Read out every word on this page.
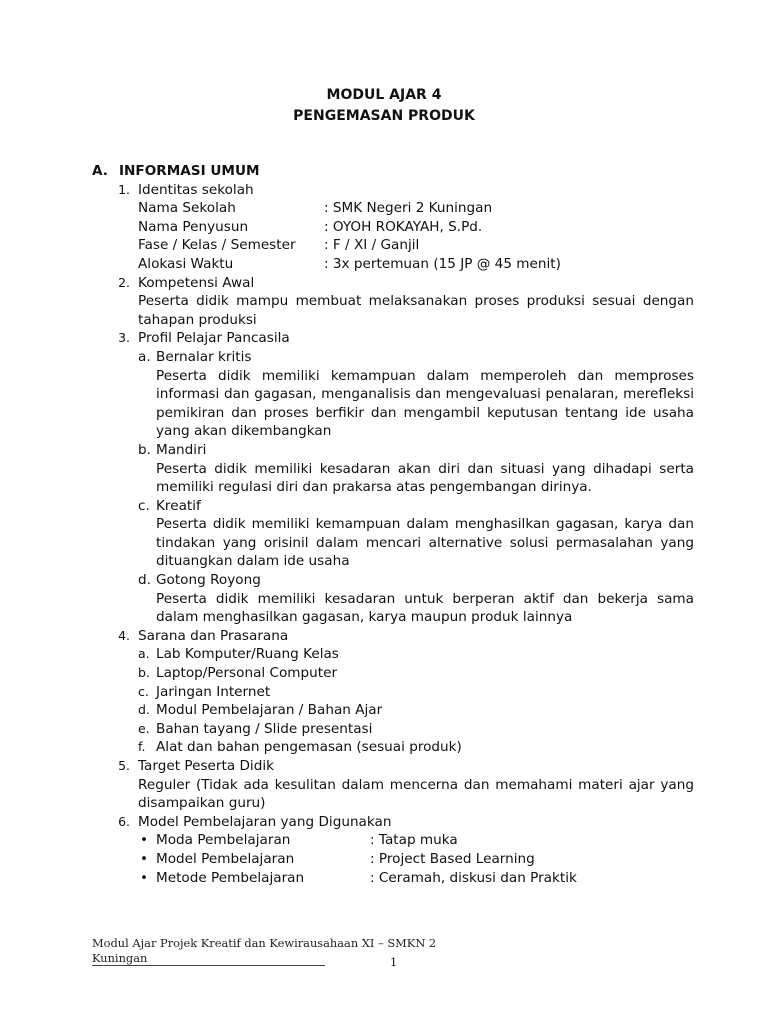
MODUL AJAR 4
PENGEMASAN PRODUK
A. INFORMASI UMUM
1. Identitas sekolah
Nama Sekolah	: SMK Negeri 2 Kuningan
Nama Penyusun	: OYOH ROKAYAH, S.Pd.
Fase / Kelas / Semester : F / XI / Ganjil
Alokasi Waktu	: 3x pertemuan (15 JP @ 45 menit)
2. Kompetensi Awal
Peserta didik mampu membuat melaksanakan proses produksi sesuai dengan tahapan produksi
3. Profil Pelajar Pancasila
a. Bernalar kritis
Peserta didik memiliki kemampuan dalam memperoleh dan memproses informasi dan gagasan, menganalisis dan mengevaluasi penalaran, merefleksi pemikiran dan proses berfikir dan mengambil keputusan tentang ide usaha yang akan dikembangkan
b. Mandiri
Peserta didik memiliki kesadaran akan diri dan situasi yang dihadapi serta memiliki regulasi diri dan prakarsa atas pengembangan dirinya.
c. Kreatif
Peserta didik memiliki kemampuan dalam menghasilkan gagasan, karya dan tindakan yang orisinil dalam mencari alternative solusi permasalahan yang dituangkan dalam ide usaha
d. Gotong Royong
Peserta didik memiliki kesadaran untuk berperan aktif dan bekerja sama dalam menghasilkan gagasan, karya maupun produk lainnya
4. Sarana dan Prasarana
a. Lab Komputer/Ruang Kelas
b. Laptop/Personal Computer
c. Jaringan Internet
d. Modul Pembelajaran / Bahan Ajar
e. Bahan tayang / Slide presentasi
f. Alat dan bahan pengemasan (sesuai produk)
5. Target Peserta Didik
Reguler (Tidak ada kesulitan dalam mencerna dan memahami materi ajar yang disampaikan guru)
6. Model Pembelajaran yang Digunakan
• Moda Pembelajaran	: Tatap muka
• Model Pembelajaran	: Project Based Learning
• Metode Pembelajaran	: Ceramah, diskusi dan Praktik
Modul Ajar Projek Kreatif dan Kewirausahaan XI – SMKN 2 Kuningan	1
